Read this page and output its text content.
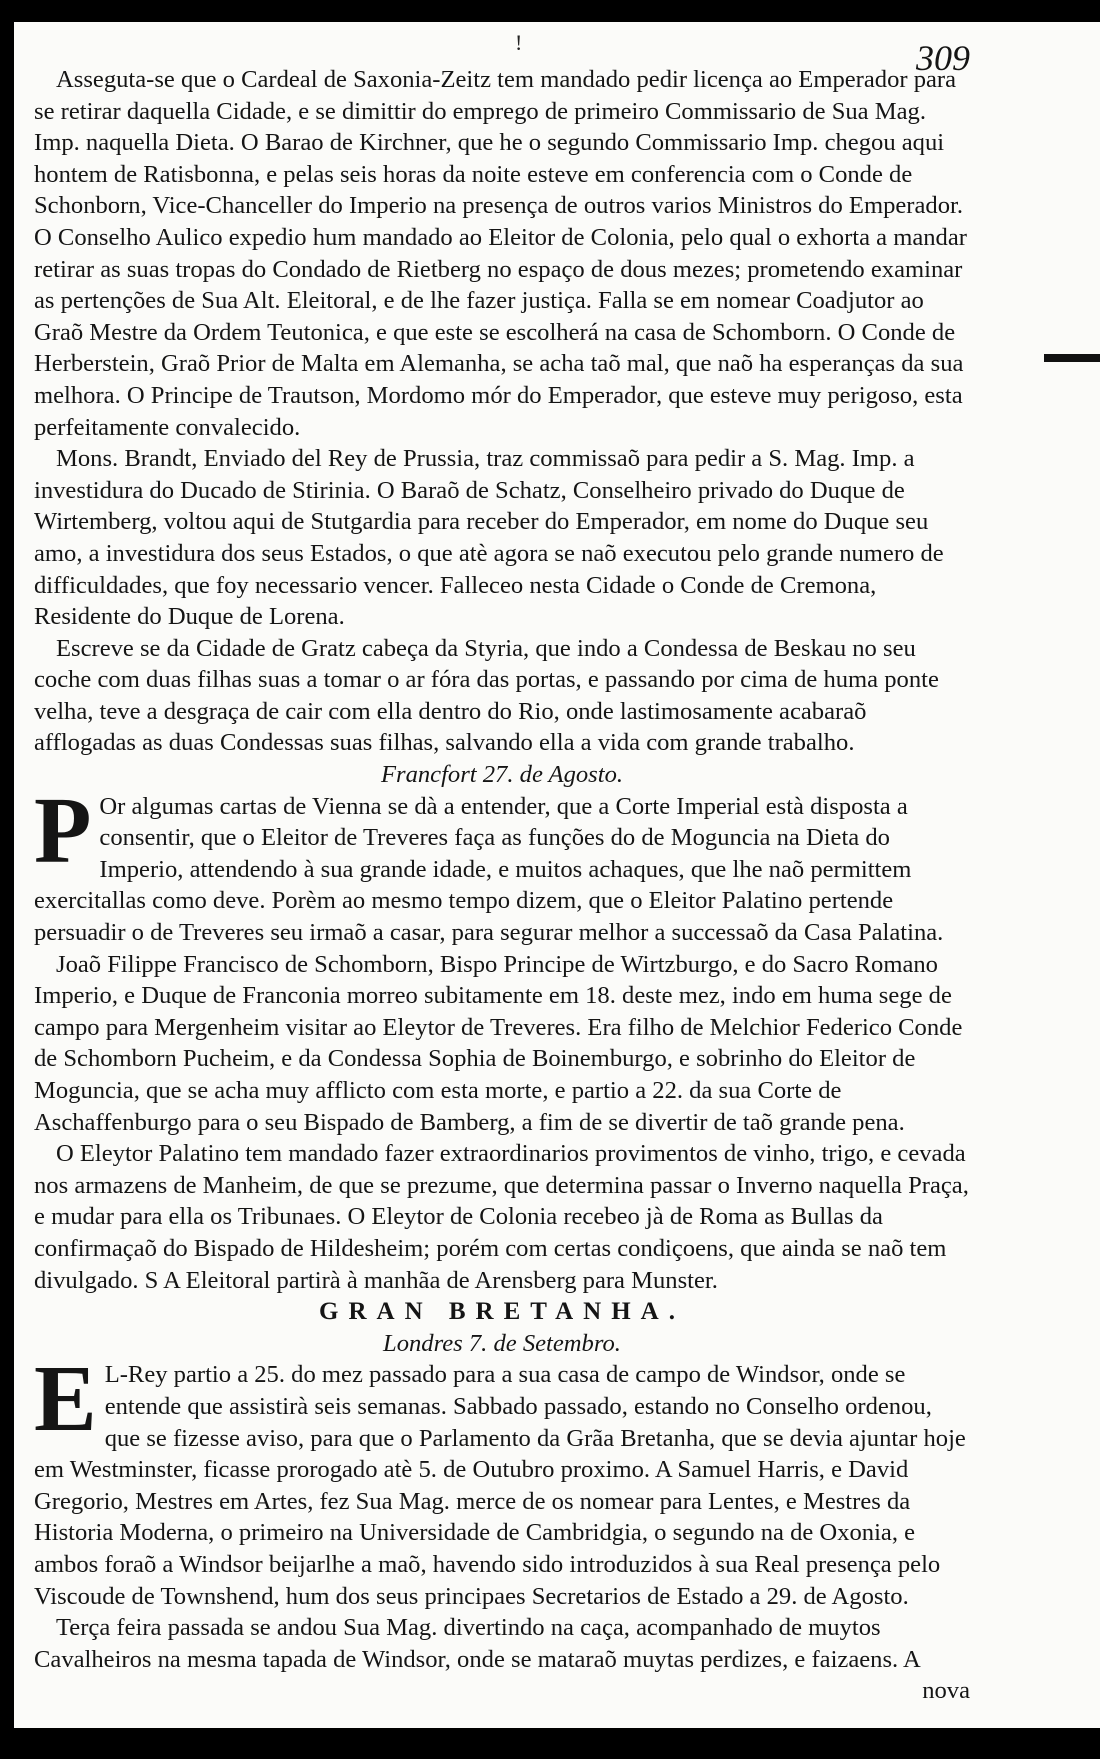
ǃ	309

Asseguta-se que o Cardeal de Saxonia-Zeitz tem mandado pedir licença ao Emperador para se retirar daquella Cidade, e se dimittir do emprego de primeiro Commissario de Sua Mag. Imp. naquella Dieta. O Barao de Kirchner, que he o segundo Commissario Imp. chegou aqui hontem de Ratisbonna, e pelas seis horas da noite esteve em conferencia com o Conde de Schonborn, Vice-Chanceller do Imperio na presença de outros varios Ministros do Emperador. O Conselho Aulico expedio hum mandado ao Eleitor de Colonia, pelo qual o exhorta a mandar retirar as suas tropas do Condado de Rietberg no espaço de dous mezes; prometendo examinar as pertenções de Sua Alt. Eleitoral, e de lhe fazer justiça. Falla se em nomear Coadjutor ao Graõ Mestre da Ordem Teutonica, e que este se escolherá na casa de Schomborn. O Conde de Herberstein, Graõ Prior de Malta em Alemanha, se acha taõ mal, que naõ ha esperanças da sua melhora. O Principe de Trautson, Mordomo mór do Emperador, que esteve muy perigoso, esta perfeitamente convalecido.

Mons. Brandt, Enviado del Rey de Prussia, traz commissaõ para pedir a S. Mag. Imp. a investidura do Ducado de Stirinia. O Baraõ de Schatz, Conselheiro privado do Duque de Wirtemberg, voltou aqui de Stutgardia para receber do Emperador, em nome do Duque seu amo, a investidura dos seus Estados, o que atè agora se naõ executou pelo grande numero de difficuldades, que foy necessario vencer. Falleceo nesta Cidade o Conde de Cremona, Residente do Duque de Lorena.

Escreve se da Cidade de Gratz cabeça da Styria, que indo a Condessa de Beskau no seu coche com duas filhas suas a tomar o ar fóra das portas, e passando por cima de huma ponte velha, teve a desgraça de cair com ella dentro do Rio, onde lastimosamente acabaraõ afflogadas as duas Condessas suas filhas, salvando ella a vida com grande trabalho.

Francfort 27. de Agosto.

P Or algumas cartas de Vienna se dà a entender, que a Corte Imperial està disposta a consentir, que o Eleitor de Treveres faça as funções do de Moguncia na Dieta do Imperio, attendendo à sua grande idade, e muitos achaques, que lhe naõ permittem exercitallas como deve. Porèm ao mesmo tempo dizem, que o Eleitor Palatino pertende persuadir o de Treveres seu irmaõ a casar, para segurar melhor a successaõ da Casa Palatina.

Joaõ Filippe Francisco de Schomborn, Bispo Principe de Wirtzburgo, e do Sacro Romano Imperio, e Duque de Franconia morreo subitamente em 18. deste mez, indo em huma sege de campo para Mergenheim visitar ao Eleytor de Treveres. Era filho de Melchior Federico Conde de Schomborn Pucheim, e da Condessa Sophia de Boinemburgo, e sobrinho do Eleitor de Moguncia, que se acha muy afflicto com esta morte, e partio a 22. da sua Corte de Aschaffenburgo para o seu Bispado de Bamberg, a fim de se divertir de taõ grande pena.

O Eleytor Palatino tem mandado fazer extraordinarios provimentos de vinho, trigo, e cevada nos armazens de Manheim, de que se prezume, que determina passar o Inverno naquella Praça, e mudar para ella os Tribunaes. O Eleytor de Colonia recebeo jà de Roma as Bullas da confirmaçaõ do Bispado de Hildesheim; porém com certas condiçoens, que ainda se naõ tem divulgado. S A Eleitoral partirà à manhãa de Arensberg para Munster.

GRAN BRETANHA.

Londres 7. de Setembro.

E L-Rey partio a 25. do mez passado para a sua casa de campo de Windsor, onde se entende que assistirà seis semanas. Sabbado passado, estando no Conselho ordenou, que se fizesse aviso, para que o Parlamento da Grãa Bretanha, que se devia ajuntar hoje em Westminster, ficasse prorogado atè 5. de Outubro proximo. A Samuel Harris, e David Gregorio, Mestres em Artes, fez Sua Mag. merce de os nomear para Lentes, e Mestres da Historia Moderna, o primeiro na Universidade de Cambridgia, o segundo na de Oxonia, e ambos foraõ a Windsor beijarlhe a maõ, havendo sido introduzidos à sua Real presença pelo Viscoude de Townshend, hum dos seus principaes Secretarios de Estado a 29. de Agosto.

Terça feira passada se andou Sua Mag. divertindo na caça, acompanhado de muytos Cavalheiros na mesma tapada de Windsor, onde se mataraõ muytas perdizes, e faizaens. A

nova
